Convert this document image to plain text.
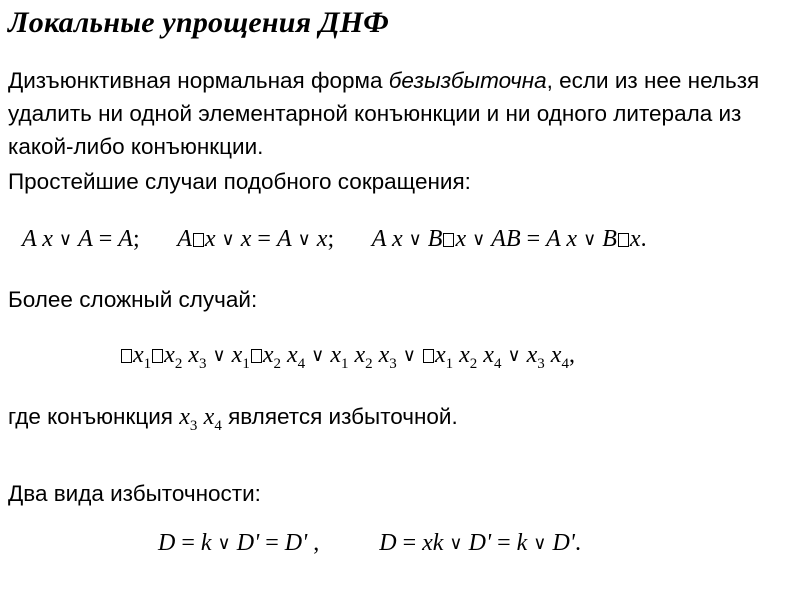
Локальные упрощения ДНФ
Дизъюнктивная нормальная форма безызбыточна, если из нее нельзя удалить ни одной элементарной конъюнкции и ни одного литерала из какой-либо конъюнкции.
Простейшие случаи подобного сокращения:
A x ∨ A = A; A x ∨ x = A ∨ x; A x ∨ B x ∨ AB = A x ∨ B x.
Более сложный случай:
$x_1$ $x_2$ $x_3$ ∨ $x_1$ $x_2$ $x_4$ ∨ $x_1$ $x_2$ $x_3$ ∨ $x_1$ $x_2$ $x_4$ ∨ $x_3$ $x_4$,
где конъюнкция $x_3$ $x_4$ является избыточной.
Два вида избыточности:
D = k ∨ D' = D' ,	D = xk ∨ D' = k ∨ D'.
